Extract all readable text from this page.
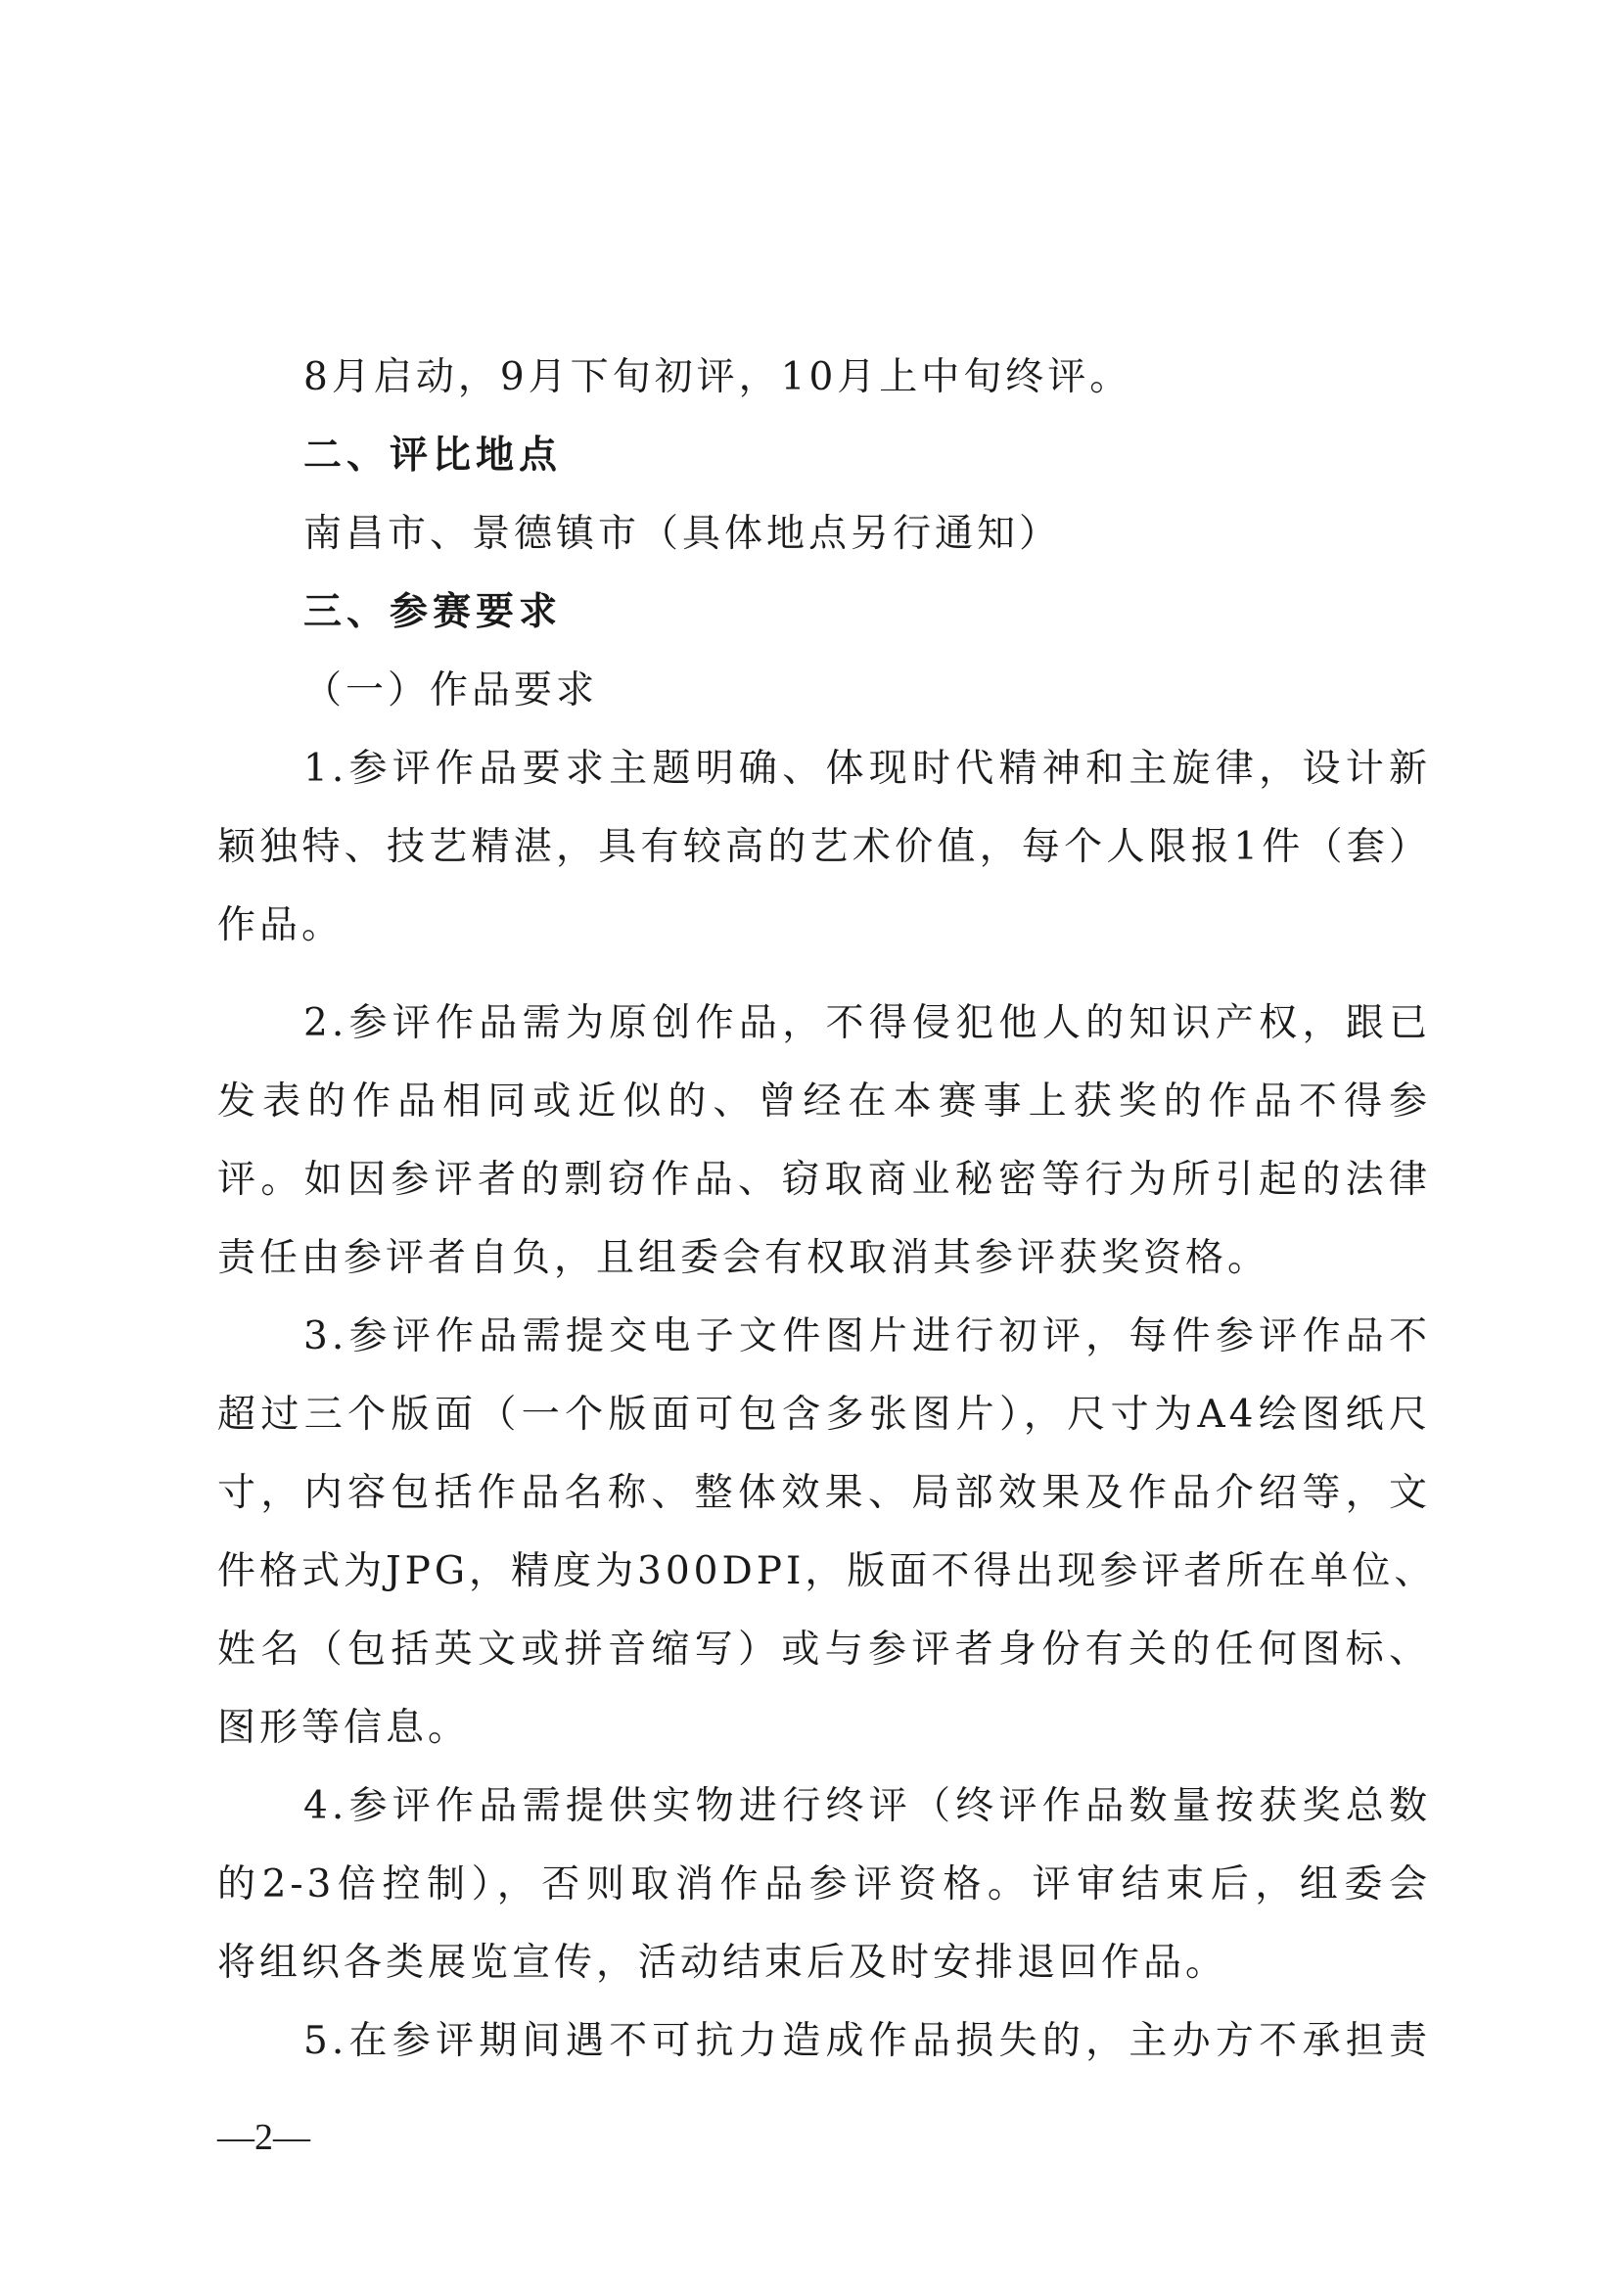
8月启动，9月下旬初评，10月上中旬终评。
二、评比地点
南昌市、景德镇市（具体地点另行通知）
三、参赛要求
（一）作品要求
1.参评作品要求主题明确、体现时代精神和主旋律，设计新
颖独特、技艺精湛，具有较高的艺术价值，每个人限报1件（套）
作品。
2.参评作品需为原创作品，不得侵犯他人的知识产权，跟已
发表的作品相同或近似的、曾经在本赛事上获奖的作品不得参
评。如因参评者的剽窃作品、窃取商业秘密等行为所引起的法律
责任由参评者自负，且组委会有权取消其参评获奖资格。
3.参评作品需提交电子文件图片进行初评，每件参评作品不
超过三个版面（一个版面可包含多张图片），尺寸为A4绘图纸尺
寸，内容包括作品名称、整体效果、局部效果及作品介绍等，文
件格式为JPG，精度为300DPI，版面不得出现参评者所在单位、
姓名（包括英文或拼音缩写）或与参评者身份有关的任何图标、
图形等信息。
4.参评作品需提供实物进行终评（终评作品数量按获奖总数
的2-3倍控制），否则取消作品参评资格。评审结束后，组委会
将组织各类展览宣传，活动结束后及时安排退回作品。
5.在参评期间遇不可抗力造成作品损失的，主办方不承担责
—2—
